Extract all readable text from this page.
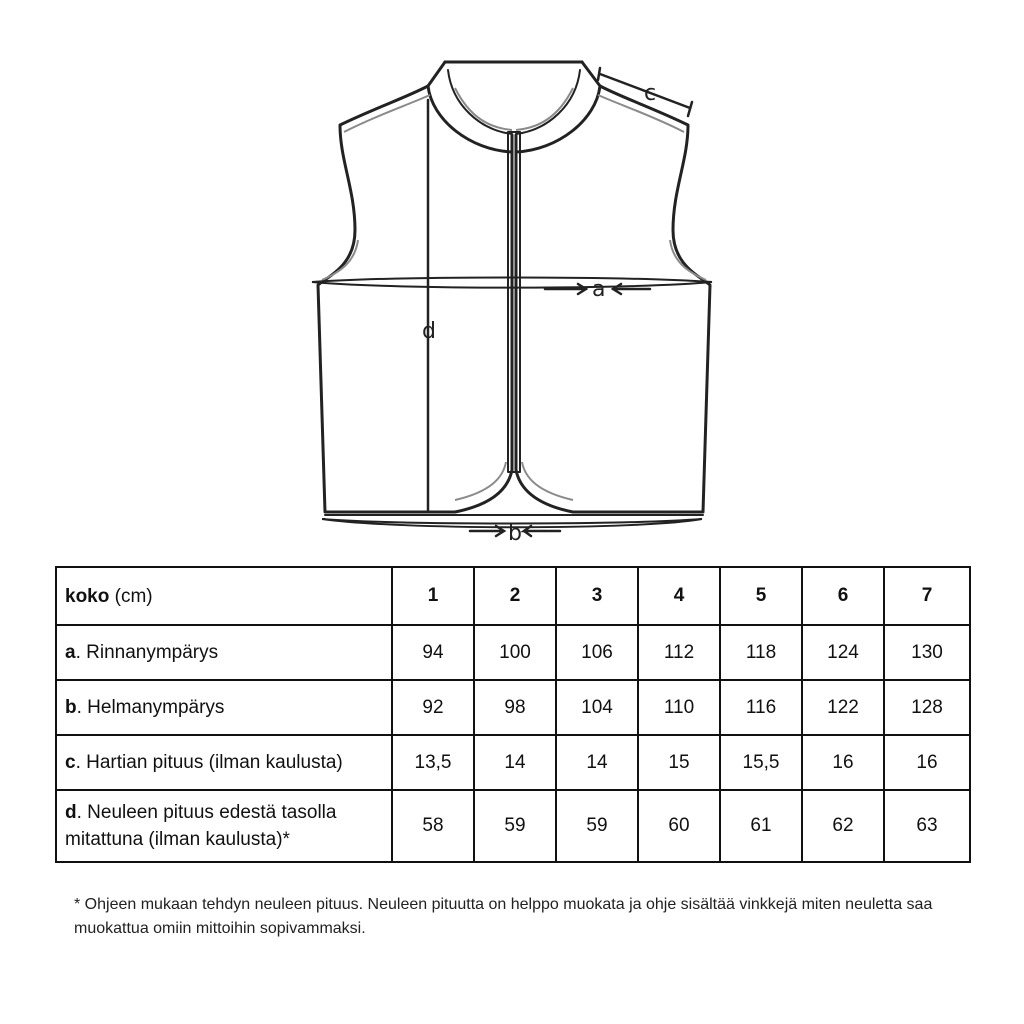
a
b
c
d
koko (cm)	1	2	3	4	5	6	7
a. Rinnanympärys	94	100	106	112	118	124	130
b. Helmanympärys	92	98	104	110	116	122	128
c. Hartian pituus (ilman kaulusta)	13,5	14	14	15	15,5	16	16
d. Neuleen pituus edestä tasolla mitattuna (ilman kaulusta)*	58	59	59	60	61	62	63
* Ohjeen mukaan tehdyn neuleen pituus. Neuleen pituutta on helppo muokata ja ohje sisältää vinkkejä miten neuletta saa muokattua omiin mittoihin sopivammaksi.
